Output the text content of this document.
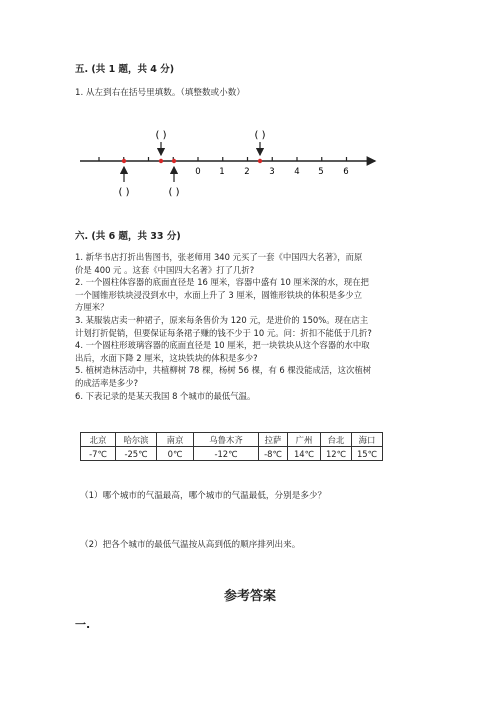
五. (共 1 题，共 4 分)
1. 从左到右在括号里填数。（填整数或小数）
( )	( )
( )	( )
0 1 2 3 4 5 6
六. (共 6 题，共 33 分)
1. 新华书店打折出售图书，张老师用 340 元买了一套《中国四大名著》，而原
价是 400 元 。这套《中国四大名著》打了几折?
2. 一个圆柱体容器的底面直径是 16 厘米，容器中盛有 10 厘米深的水，现在把
一个圆锥形铁块浸没到水中，水面上升了 3 厘米，圆锥形铁块的体积是多少立
方厘米？
3. 某服装店卖一种裙子，原来每条售价为 120 元，是进价的 150%。现在店主
计划打折促销，但要保证每条裙子赚的钱不少于 10 元。问：折扣不能低于几折?
4. 一个圆柱形玻璃容器的底面直径是 10 厘米，把一块铁块从这个容器的水中取
出后，水面下降 2 厘米，这块铁块的体积是多少?
5. 植树造林活动中，共植柳树 78 棵，杨树 56 棵，有 6 棵没能成活，这次植树
的成活率是多少?
6. 下表记录的是某天我国 8 个城市的最低气温。
北京	哈尔滨	南京	乌鲁木齐	拉萨	广州	台北	海口
-7℃	-25℃	0℃	-12℃	-8℃	14℃	12℃	15℃
（1）哪个城市的气温最高，哪个城市的气温最低，分别是多少？
（2）把各个城市的最低气温按从高到低的顺序排列出来。
参考答案
一.
